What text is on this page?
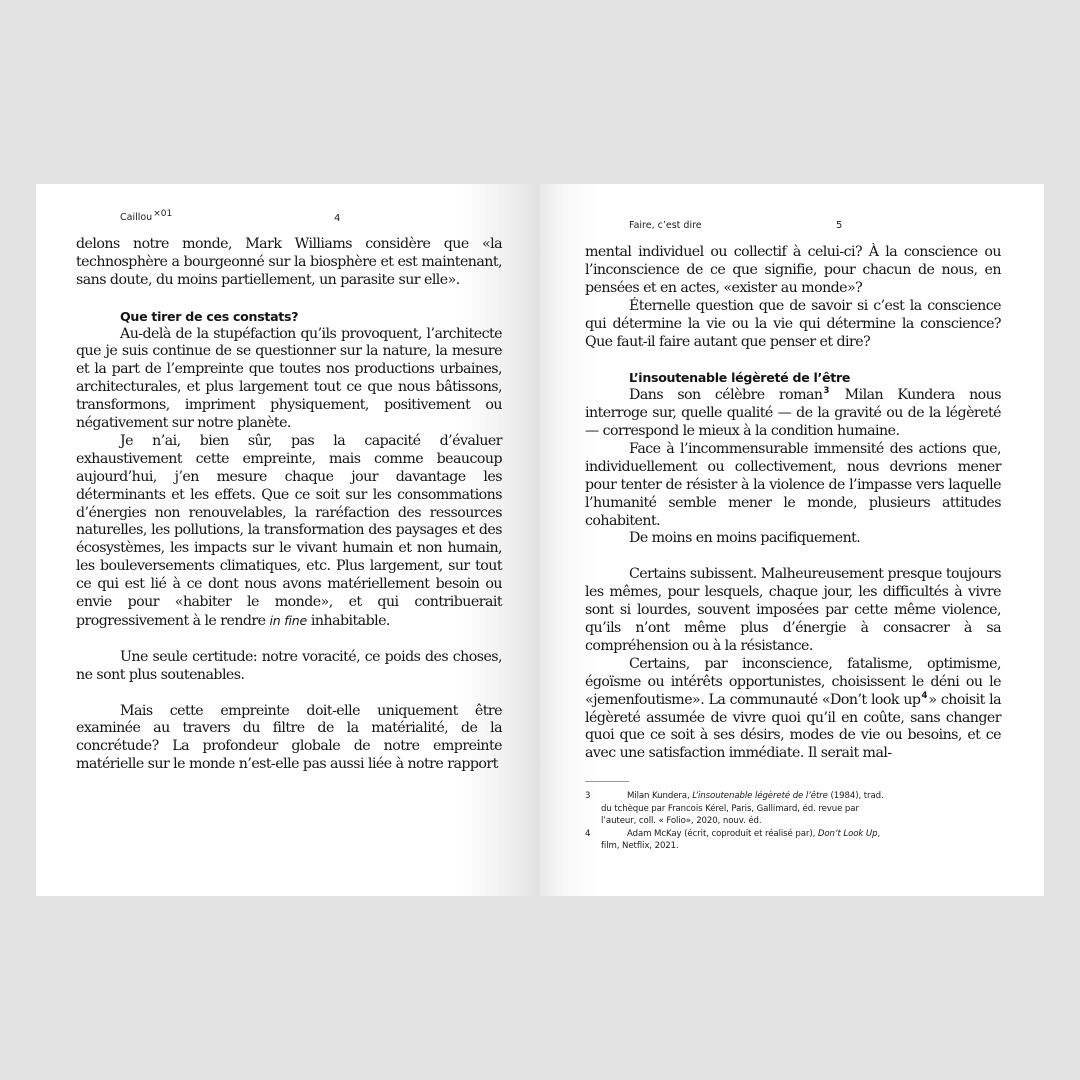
Caillou×01	4

delons notre monde, Mark Williams considère que «la technosphère a bourgeonné sur la biosphère et est maintenant, sans doute, du moins partiellement, un parasite sur elle».

Que tirer de ces constats?

Au-delà de la stupéfaction qu’ils provoquent, l’architecte que je suis continue de se questionner sur la nature, la mesure et la part de l’empreinte que toutes nos productions urbaines, architecturales, et plus largement tout ce que nous bâtissons, transformons, impriment physiquement, positivement ou négativement sur notre planète.

Je n’ai, bien sûr, pas la capacité d’évaluer exhaustivement cette empreinte, mais comme beaucoup aujourd’hui, j’en mesure chaque jour davantage les déterminants et les effets. Que ce soit sur les consommations d’énergies non renouvelables, la raréfaction des ressources naturelles, les pollutions, la transformation des paysages et des écosystèmes, les impacts sur le vivant humain et non humain, les bouleversements climatiques, etc. Plus largement, sur tout ce qui est lié à ce dont nous avons matériellement besoin ou envie pour «habiter le monde», et qui contribuerait progressivement à le rendre in fine inhabitable.

Une seule certitude: notre voracité, ce poids des choses, ne sont plus soutenables.

Mais cette empreinte doit-elle uniquement être examinée au travers du filtre de la matérialité, de la concrétude? La profondeur globale de notre empreinte matérielle sur le monde n’est-elle pas aussi liée à notre rapport

Faire, c’est dire	5

mental individuel ou collectif à celui-ci? À la conscience ou l’inconscience de ce que signifie, pour chacun de nous, en pensées et en actes, «exister au monde»?

Éternelle question que de savoir si c’est la conscience qui détermine la vie ou la vie qui détermine la conscience? Que faut-il faire autant que penser et dire?

L’insoutenable légèreté de l’être

Dans son célèbre roman$^3$ Milan Kundera nous interroge sur, quelle qualité — de la gravité ou de la légèreté — correspond le mieux à la condition humaine.

Face à l’incommensurable immensité des actions que, individuellement ou collectivement, nous devrions mener pour tenter de résister à la violence de l’impasse vers laquelle l’humanité semble mener le monde, plusieurs attitudes cohabitent.

De moins en moins pacifiquement.

Certains subissent. Malheureusement presque toujours les mêmes, pour lesquels, chaque jour, les difficultés à vivre sont si lourdes, souvent imposées par cette même violence, qu’ils n’ont même plus d’énergie à consacrer à sa compréhension ou à la résistance.

Certains, par inconscience, fatalisme, optimisme, égoïsme ou intérêts opportunistes, choisissent le déni ou le «jemenfoutisme». La communauté «Don’t look up$^4$» choisit la légèreté assumée de vivre quoi qu’il en coûte, sans changer quoi que ce soit à ses désirs, modes de vie ou besoins, et ce avec une satisfaction immédiate. Il serait mal-

3	Milan Kundera, L’insoutenable légèreté de l’être (1984), trad. du tchèque par Francois Kérel, Paris, Gallimard, éd. revue par l’auteur, coll. « Folio», 2020, nouv. éd.
4	Adam McKay (écrit, coproduit et réalisé par), Don’t Look Up, film, Netflix, 2021.
